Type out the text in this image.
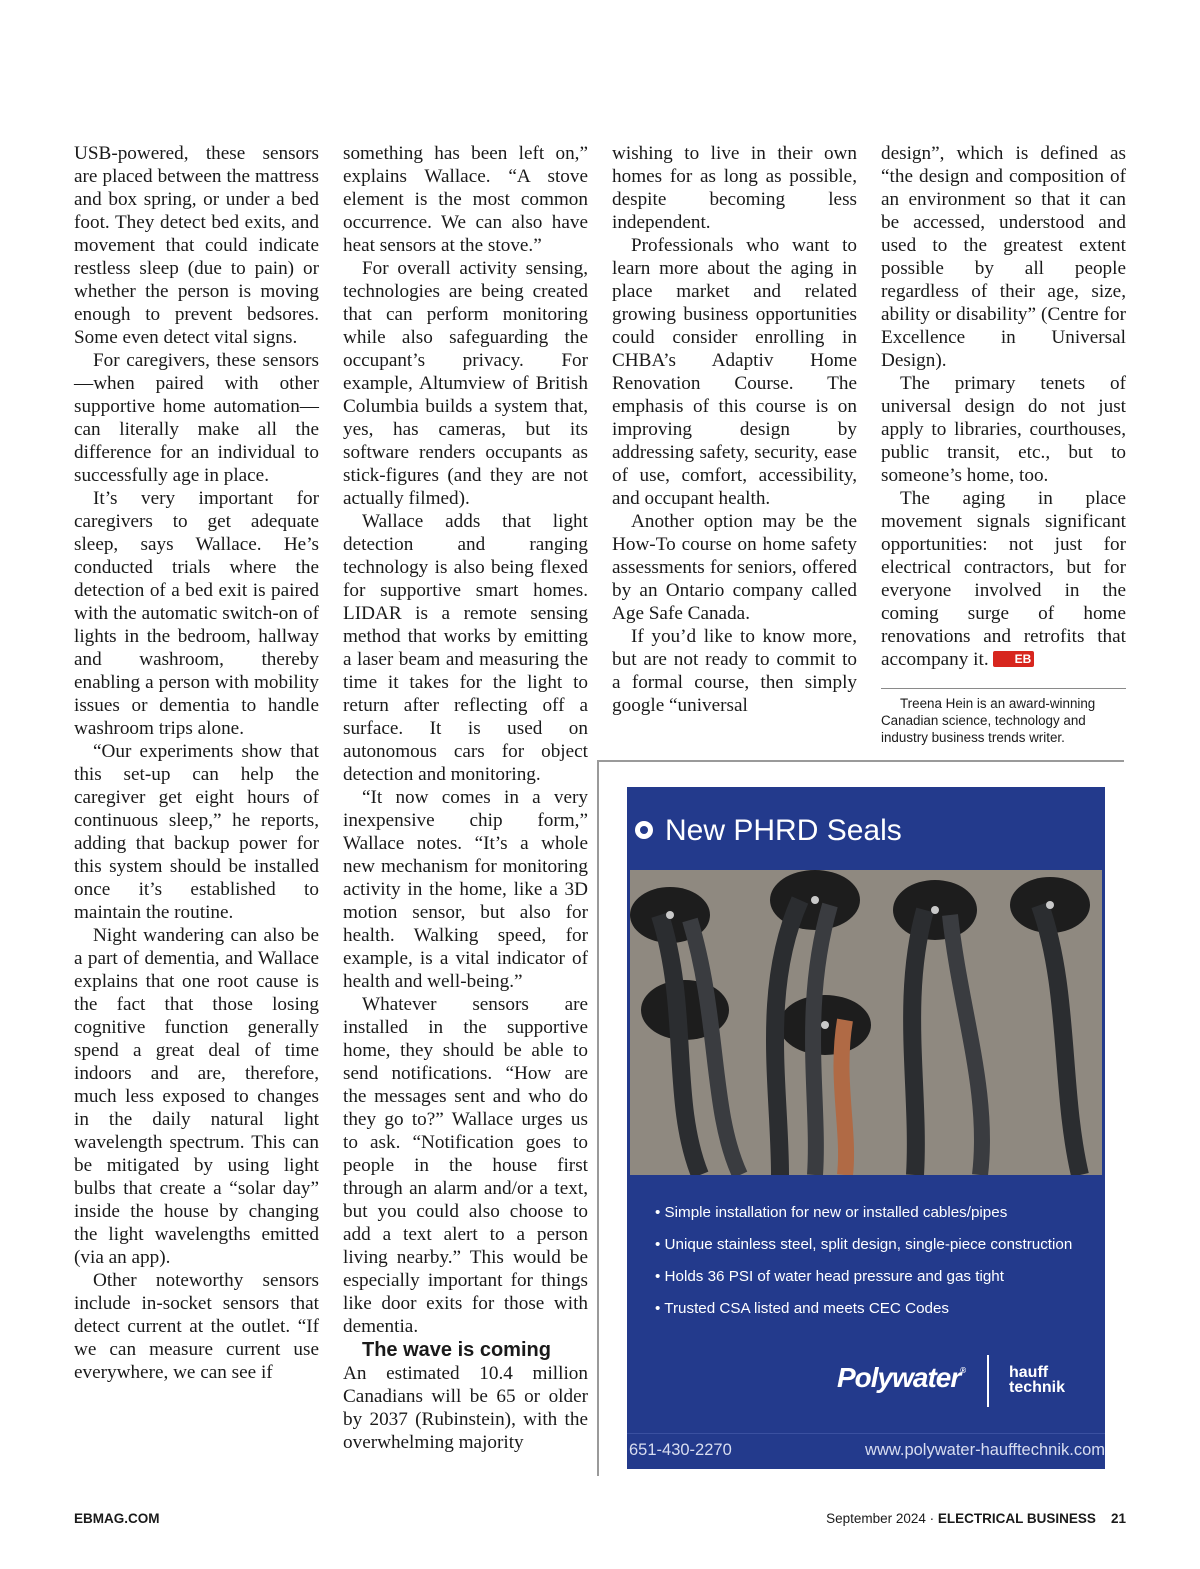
USB-powered, these sensors are placed between the mattress and box spring, or under a bed foot. They detect bed exits, and movement that could indicate restless sleep (due to pain) or whether the person is moving enough to prevent bedsores. Some even detect vital signs.

For caregivers, these sensors—when paired with other supportive home automation—can literally make all the difference for an individual to successfully age in place.

It’s very important for caregivers to get adequate sleep, says Wallace. He’s conducted trials where the detection of a bed exit is paired with the automatic switch-on of lights in the bedroom, hallway and washroom, thereby enabling a person with mobility issues or dementia to handle washroom trips alone.

“Our experiments show that this set-up can help the caregiver get eight hours of continuous sleep,” he reports, adding that backup power for this system should be installed once it’s established to maintain the routine.

Night wandering can also be a part of dementia, and Wallace explains that one root cause is the fact that those losing cognitive function generally spend a great deal of time indoors and are, therefore, much less exposed to changes in the daily natural light wavelength spectrum. This can be mitigated by using light bulbs that create a “solar day” inside the house by changing the light wavelengths emitted (via an app).

Other noteworthy sensors include in-socket sensors that detect current at the outlet. “If we can measure current use everywhere, we can see if

something has been left on,” explains Wallace. “A stove element is the most common occurrence. We can also have heat sensors at the stove.”

For overall activity sensing, technologies are being created that can perform monitoring while also safeguarding the occupant’s privacy. For example, Altumview of British Columbia builds a system that, yes, has cameras, but its software renders occupants as stick-figures (and they are not actually filmed).

Wallace adds that light detection and ranging technology is also being flexed for supportive smart homes. LIDAR is a remote sensing method that works by emitting a laser beam and measuring the time it takes for the light to return after reflecting off a surface. It is used on autonomous cars for object detection and monitoring.

“It now comes in a very inexpensive chip form,” Wallace notes. “It’s a whole new mechanism for monitoring activity in the home, like a 3D motion sensor, but also for health. Walking speed, for example, is a vital indicator of health and well-being.”

Whatever sensors are installed in the supportive home, they should be able to send notifications. “How are the messages sent and who do they go to?” Wallace urges us to ask. “Notification goes to people in the house first through an alarm and/or a text, but you could also choose to add a text alert to a person living nearby.” This would be especially important for things like door exits for those with dementia.

The wave is coming

An estimated 10.4 million Canadians will be 65 or older by 2037 (Rubinstein), with the overwhelming majority

wishing to live in their own homes for as long as possible, despite becoming less independent.

Professionals who want to learn more about the aging in place market and related growing business opportunities could consider enrolling in CHBA’s Adaptiv Home Renovation Course. The emphasis of this course is on improving design by addressing safety, security, ease of use, comfort, accessibility, and occupant health.

Another option may be the How-To course on home safety assessments for seniors, offered by an Ontario company called Age Safe Canada.

If you’d like to know more, but are not ready to commit to a formal course, then simply google “universal

design”, which is defined as “the design and composition of an environment so that it can be accessed, understood and used to the greatest extent possible by all people regardless of their age, size, ability or disability” (Centre for Excellence in Universal Design).

The primary tenets of universal design do not just apply to libraries, courthouses, public transit, etc., but to someone’s home, too.

The aging in place movement signals significant opportunities: not just for electrical contractors, but for everyone involved in the coming surge of home renovations and retrofits that accompany it. EB

Treena Hein is an award-winning Canadian science, technology and industry business trends writer.

New PHRD Seals
• Simple installation for new or installed cables/pipes
• Unique stainless steel, split design, single-piece construction
• Holds 36 PSI of water head pressure and gas tight
• Trusted CSA listed and meets CEC Codes
Polywater®	hauff
technik
651-430-2270	www.polywater-haufftechnik.com
EBMAG.COM	September 2024 · ELECTRICAL BUSINESS 21
